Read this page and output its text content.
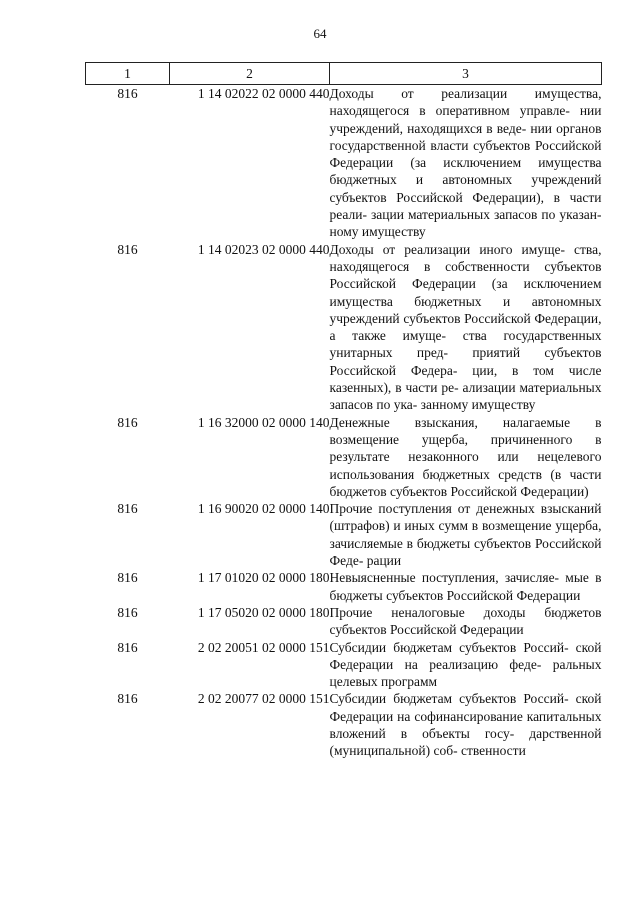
64
1	2	3
816	1 14 02022 02 0000 440	Доходы от реализации имущества, находящегося в оперативном управле- нии учреждений, находящихся в веде- нии органов государственной власти субъектов Российской Федерации (за исключением имущества бюджетных и автономных учреждений субъектов Российской Федерации), в части реали- зации материальных запасов по указан- ному имуществу
816	1 14 02023 02 0000 440	Доходы от реализации иного имуще- ства, находящегося в собственности субъектов Российской Федерации (за исключением имущества бюджетных и автономных учреждений субъектов Российской Федерации, а также имуще- ства государственных унитарных пред- приятий субъектов Российской Федера- ции, в том числе казенных), в части ре- ализации материальных запасов по ука- занному имуществу
816	1 16 32000 02 0000 140	Денежные взыскания, налагаемые в возмещение ущерба, причиненного в результате незаконного или нецелевого использования бюджетных средств (в части бюджетов субъектов Российской Федерации)
816	1 16 90020 02 0000 140	Прочие поступления от денежных взысканий (штрафов) и иных сумм в возмещение ущерба, зачисляемые в бюджеты субъектов Российской Феде- рации
816	1 17 01020 02 0000 180	Невыясненные поступления, зачисляе- мые в бюджеты субъектов Российской Федерации
816	1 17 05020 02 0000 180	Прочие неналоговые доходы бюджетов субъектов Российской Федерации
816	2 02 20051 02 0000 151	Субсидии бюджетам субъектов Россий- ской Федерации на реализацию феде- ральных целевых программ
816	2 02 20077 02 0000 151	Субсидии бюджетам субъектов Россий- ской Федерации на софинансирование капитальных вложений в объекты госу- дарственной (муниципальной) соб- ственности
